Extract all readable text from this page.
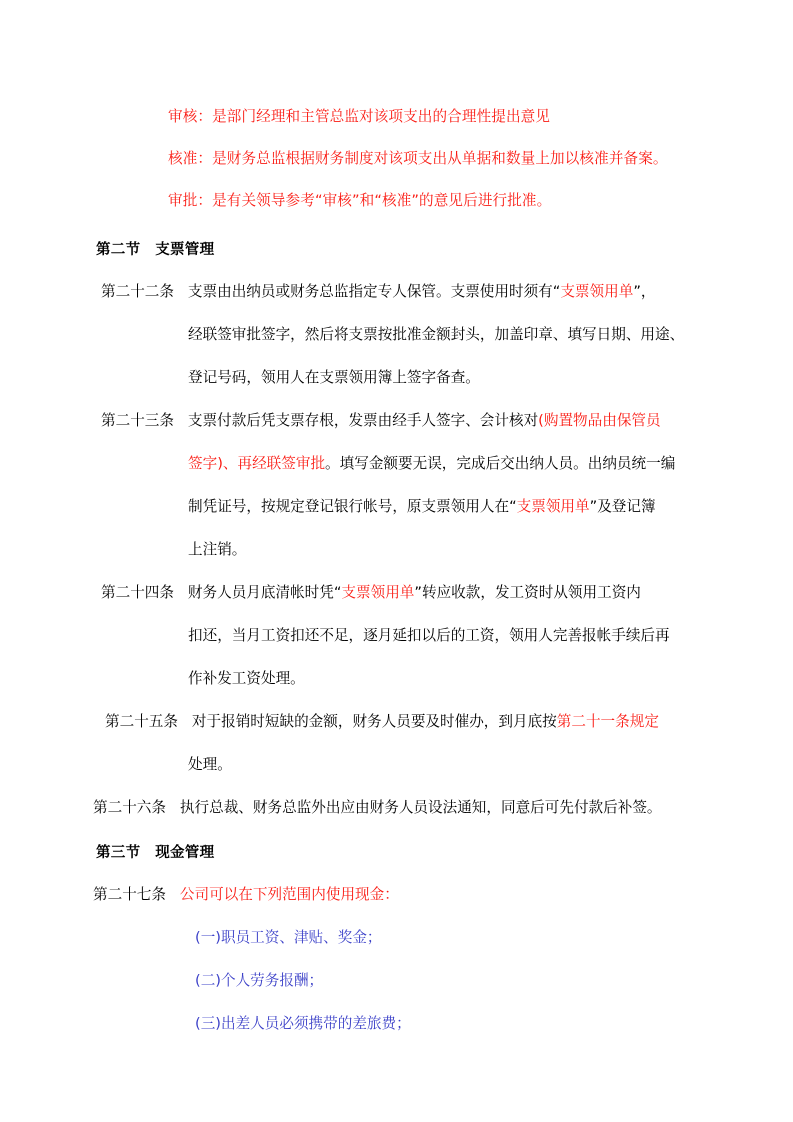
审核：是部门经理和主管总监对该项支出的合理性提出意见
核准：是财务总监根据财务制度对该项支出从单据和数量上加以核准并备案。
审批：是有关领导参考“审核”和“核准”的意见后进行批准。
第二节　支票管理
第二十二条 支票由出纳员或财务总监指定专人保管。支票使用时须有“支票领用单”，
经联签审批签字，然后将支票按批准金额封头，加盖印章、填写日期、用途、
登记号码，领用人在支票领用簿上签字备查。
第二十三条 支票付款后凭支票存根，发票由经手人签字、会计核对(购置物品由保管员
签字)、再经联签审批。填写金额要无误，完成后交出纳人员。出纳员统一编
制凭证号，按规定登记银行帐号，原支票领用人在“支票领用单”及登记簿
上注销。
第二十四条 财务人员月底清帐时凭“支票领用单”转应收款，发工资时从领用工资内
扣还，当月工资扣还不足，逐月延扣以后的工资，领用人完善报帐手续后再
作补发工资处理。
第二十五条 对于报销时短缺的金额，财务人员要及时催办，到月底按第二十一条规定
处理。
第二十六条 执行总裁、财务总监外出应由财务人员设法通知，同意后可先付款后补签。
第三节　现金管理
第二十七条 公司可以在下列范围内使用现金：
(一)职员工资、津贴、奖金；
(二)个人劳务报酬；
(三)出差人员必须携带的差旅费；
